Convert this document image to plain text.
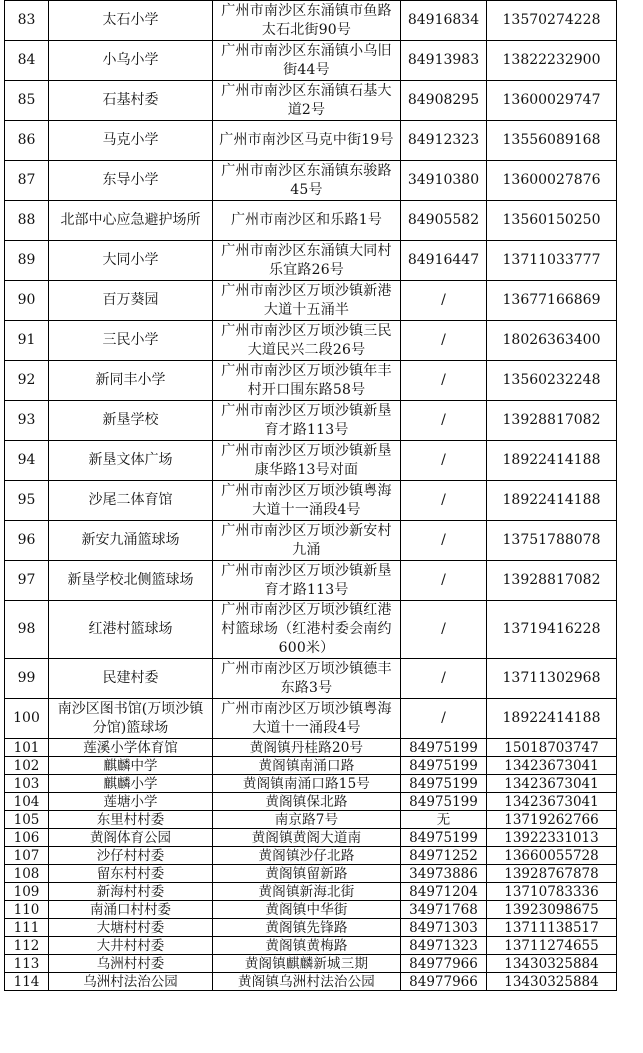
83	太石小学	广州市南沙区东涌镇市鱼路太石北街90号	84916834	13570274228
84	小乌小学	广州市南沙区东涌镇小乌旧街44号	84913983	13822232900
85	石基村委	广州市南沙区东涌镇石基大道2号	84908295	13600029747
86	马克小学	广州市南沙区马克中街19号	84912323	13556089168
87	东导小学	广州市南沙区东涌镇东骏路45号	34910380	13600027876
88	北部中心应急避护场所	广州市南沙区和乐路1号	84905582	13560150250
89	大同小学	广州市南沙区东涌镇大同村乐宜路26号	84916447	13711033777
90	百万葵园	广州市南沙区万顷沙镇新港大道十五涌半	/	13677166869
91	三民小学	广州市南沙区万顷沙镇三民大道民兴二段26号	/	18026363400
92	新同丰小学	广州市南沙区万顷沙镇年丰村开口围东路58号	/	13560232248
93	新垦学校	广州市南沙区万顷沙镇新垦育才路113号	/	13928817082
94	新垦文体广场	广州市南沙区万顷沙镇新垦康华路13号对面	/	18922414188
95	沙尾二体育馆	广州市南沙区万顷沙镇粤海大道十一涌段4号	/	18922414188
96	新安九涌篮球场	广州市南沙区万顷沙新安村九涌	/	13751788078
97	新垦学校北侧篮球场	广州市南沙区万顷沙镇新垦育才路113号	/	13928817082
98	红港村篮球场	广州市南沙区万顷沙镇红港村篮球场（红港村委会南约600米）	/	13719416228
99	民建村委	广州市南沙区万顷沙镇德丰东路3号	/	13711302968
100	南沙区图书馆(万顷沙镇分馆)篮球场	广州市南沙区万顷沙镇粤海大道十一涌段4号	/	18922414188
101	莲溪小学体育馆	黄阁镇丹桂路20号	84975199	15018703747
102	麒麟中学	黄阁镇南涌口路	84975199	13423673041
103	麒麟小学	黄阁镇南涌口路15号	84975199	13423673041
104	莲塘小学	黄阁镇保北路	84975199	13423673041
105	东里村村委	南京路7号	无	13719262766
106	黄阁体育公园	黄阁镇黄阁大道南	84975199	13922331013
107	沙仔村村委	黄阁镇沙仔北路	84971252	13660055728
108	留东村村委	黄阁镇留新路	34973886	13928767878
109	新海村村委	黄阁镇新海北街	84971204	13710783336
110	南涌口村村委	黄阁镇中华街	34971768	13923098675
111	大塘村村委	黄阁镇先锋路	84971303	13711138517
112	大井村村委	黄阁镇黄梅路	84971323	13711274655
113	乌洲村村委	黄阁镇麒麟新城三期	84977966	13430325884
114	乌洲村法治公园	黄阁镇乌洲村法治公园	84977966	13430325884
